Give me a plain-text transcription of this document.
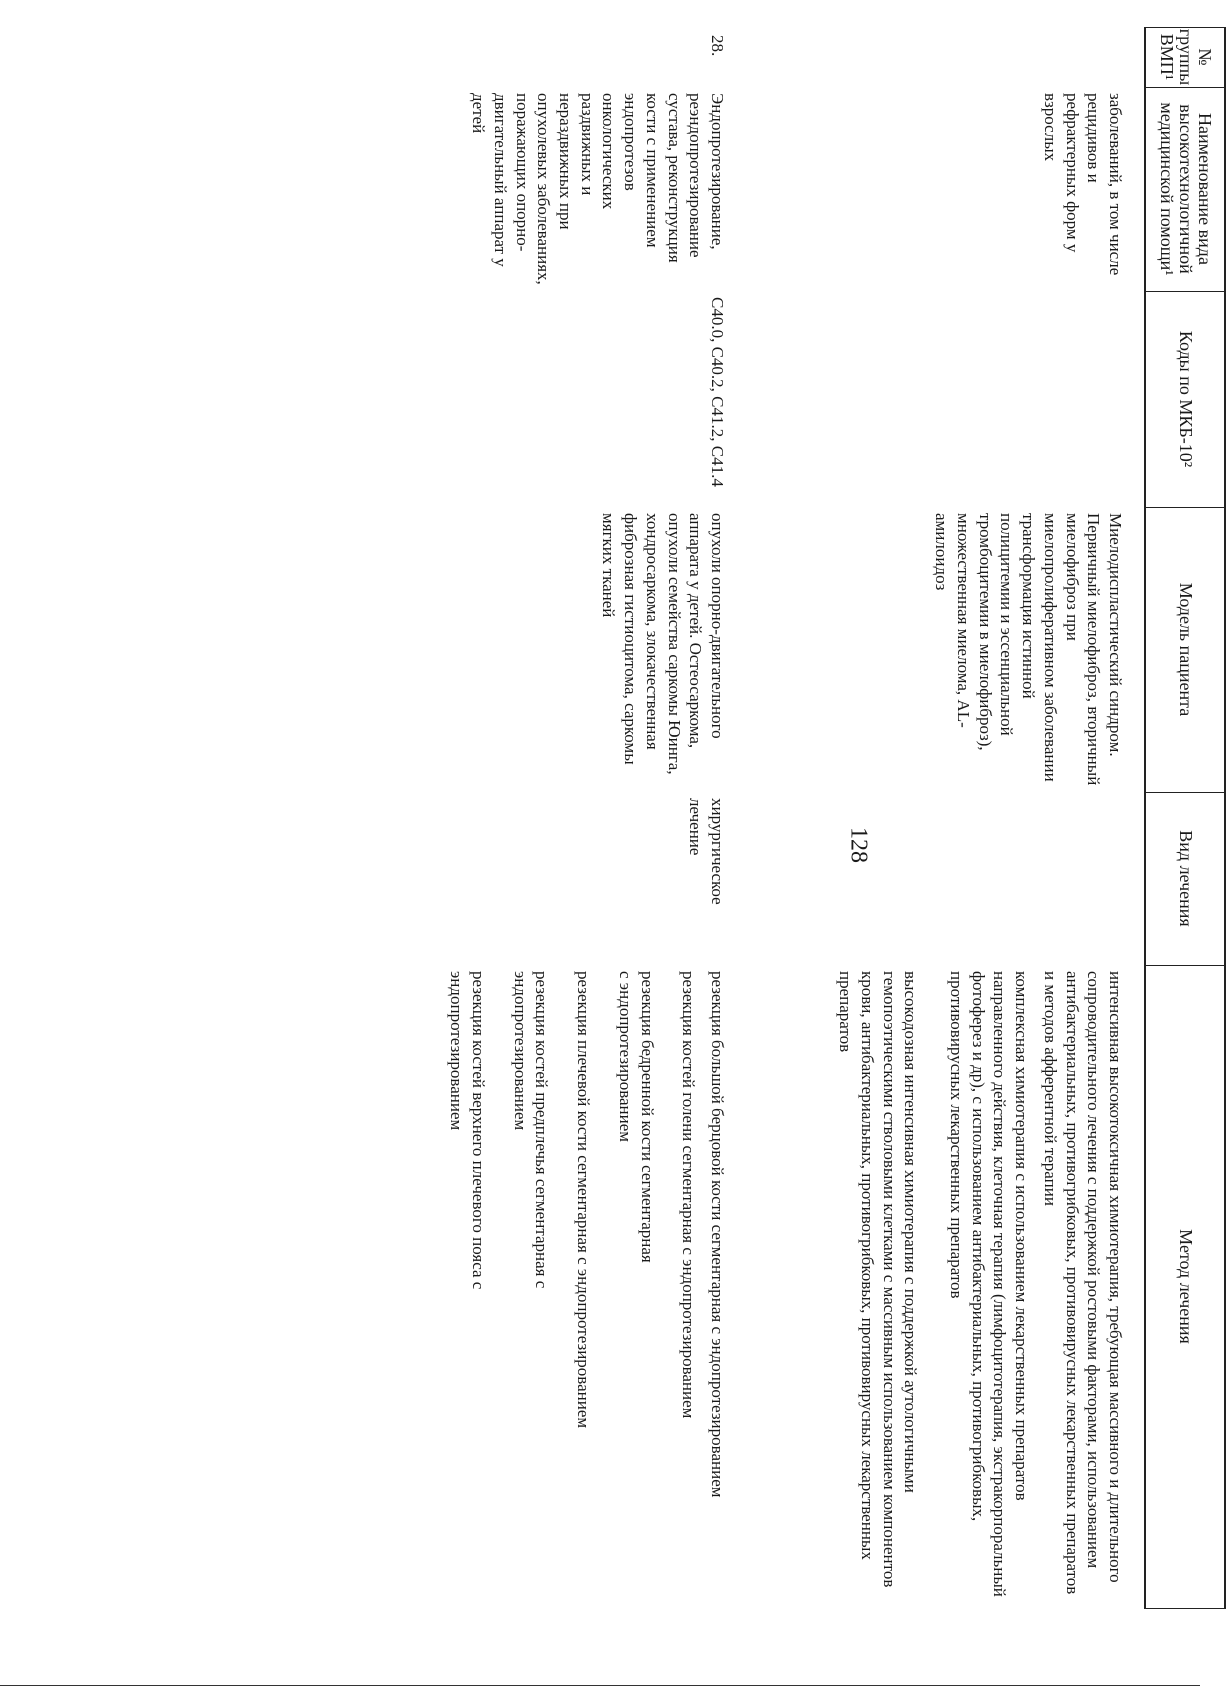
128
№
группы
ВМП¹
Наименование вида
высокотехнологичной
медицинской помощи¹
Коды по МКБ-10²
Модель пациента
Вид лечения
Метод лечения
заболеваний, в том числе рецидивов и рефрактерных форм у взрослых
Миелодиспластический синдром. Первичный миелофиброз, вторичный миелофиброз при миелопролиферативном заболевании трансформация истинной полицитемии и эссенциальной тромбоцитемии в миелофиброз), множественная миелома, AL-амилоидоз

интенсивная высокотоксичная химиотерапия, требующая массивного и длительного сопроводительного лечения с поддержкой ростовыми факторами, использованием антибактериальных, противогрибковых, противовирусных лекарственных препаратов и методов афферентной терапии

комплексная химиотерапия с использованием лекарственных препаратов направленного действия, клеточная терапия (лимфоцитотерапия, экстракорпоральный фотоферез и др), с использованием антибактериальных, противогрибковых, противовирусных лекарственных препаратов

высокодозная интенсивная химиотерапия с поддержкой аутологичными гемопоэтическими стволовыми клетками с массивным использованием компонентов крови, антибактериальных, противогрибковых, противовирусных лекарственных препаратов

28.
Эндопротезирование, реэндопротезирование сустава, реконструкция кости с применением эндопротезов онкологических раздвижных и нераздвижных при опухолевых заболеваниях, поражающих опорно-двигательный аппарат у детей
C40.0, C40.2, C41.2, C41.4
опухоли опорно-двигательного аппарата у детей. Остеосаркома, опухоли семейства саркомы Юинга, хондросаркома, злокачественная фиброзная гистиоцитома, саркомы мягких тканей
хирургическое лечение

резекция большой берцовой кости сегментарная с эндопротезированием

резекция костей голени сегментарная с эндопротезированием

резекция бедренной кости сегментарная с эндопротезированием

резекция плечевой кости сегментарная с эндопротезированием

резекция костей предплечья сегментарная с эндопротезированием

резекция костей верхнего плечевого пояса с эндопротезированием
